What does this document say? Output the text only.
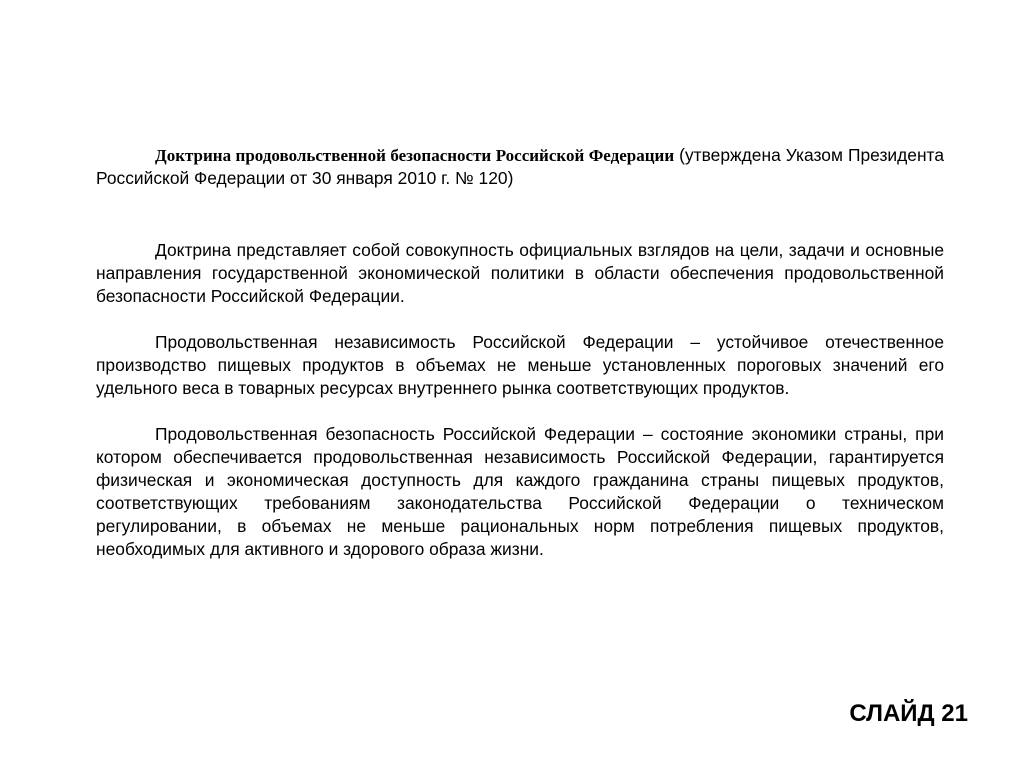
Доктрина продовольственной безопасности Российской Федерации (утверждена Указом Президента Российской Федерации от 30 января 2010 г. № 120)

Доктрина представляет собой совокупность официальных взглядов на цели, задачи и основные направления государственной экономической политики в области обеспечения продовольственной безопасности Российской Федерации.

Продовольственная независимость Российской Федерации – устойчивое отечественное производство пищевых продуктов в объемах не меньше установленных пороговых значений его удельного веса в товарных ресурсах внутреннего рынка соответствующих продуктов.

Продовольственная безопасность Российской Федерации – состояние экономики страны, при котором обеспечивается продовольственная независимость Российской Федерации, гарантируется физическая и экономическая доступность для каждого гражданина страны пищевых продуктов, соответствующих требованиям законодательства Российской Федерации о техническом регулировании, в объемах не меньше рациональных норм потребления пищевых продуктов, необходимых для активного и здорового образа жизни.

СЛАЙД 21
